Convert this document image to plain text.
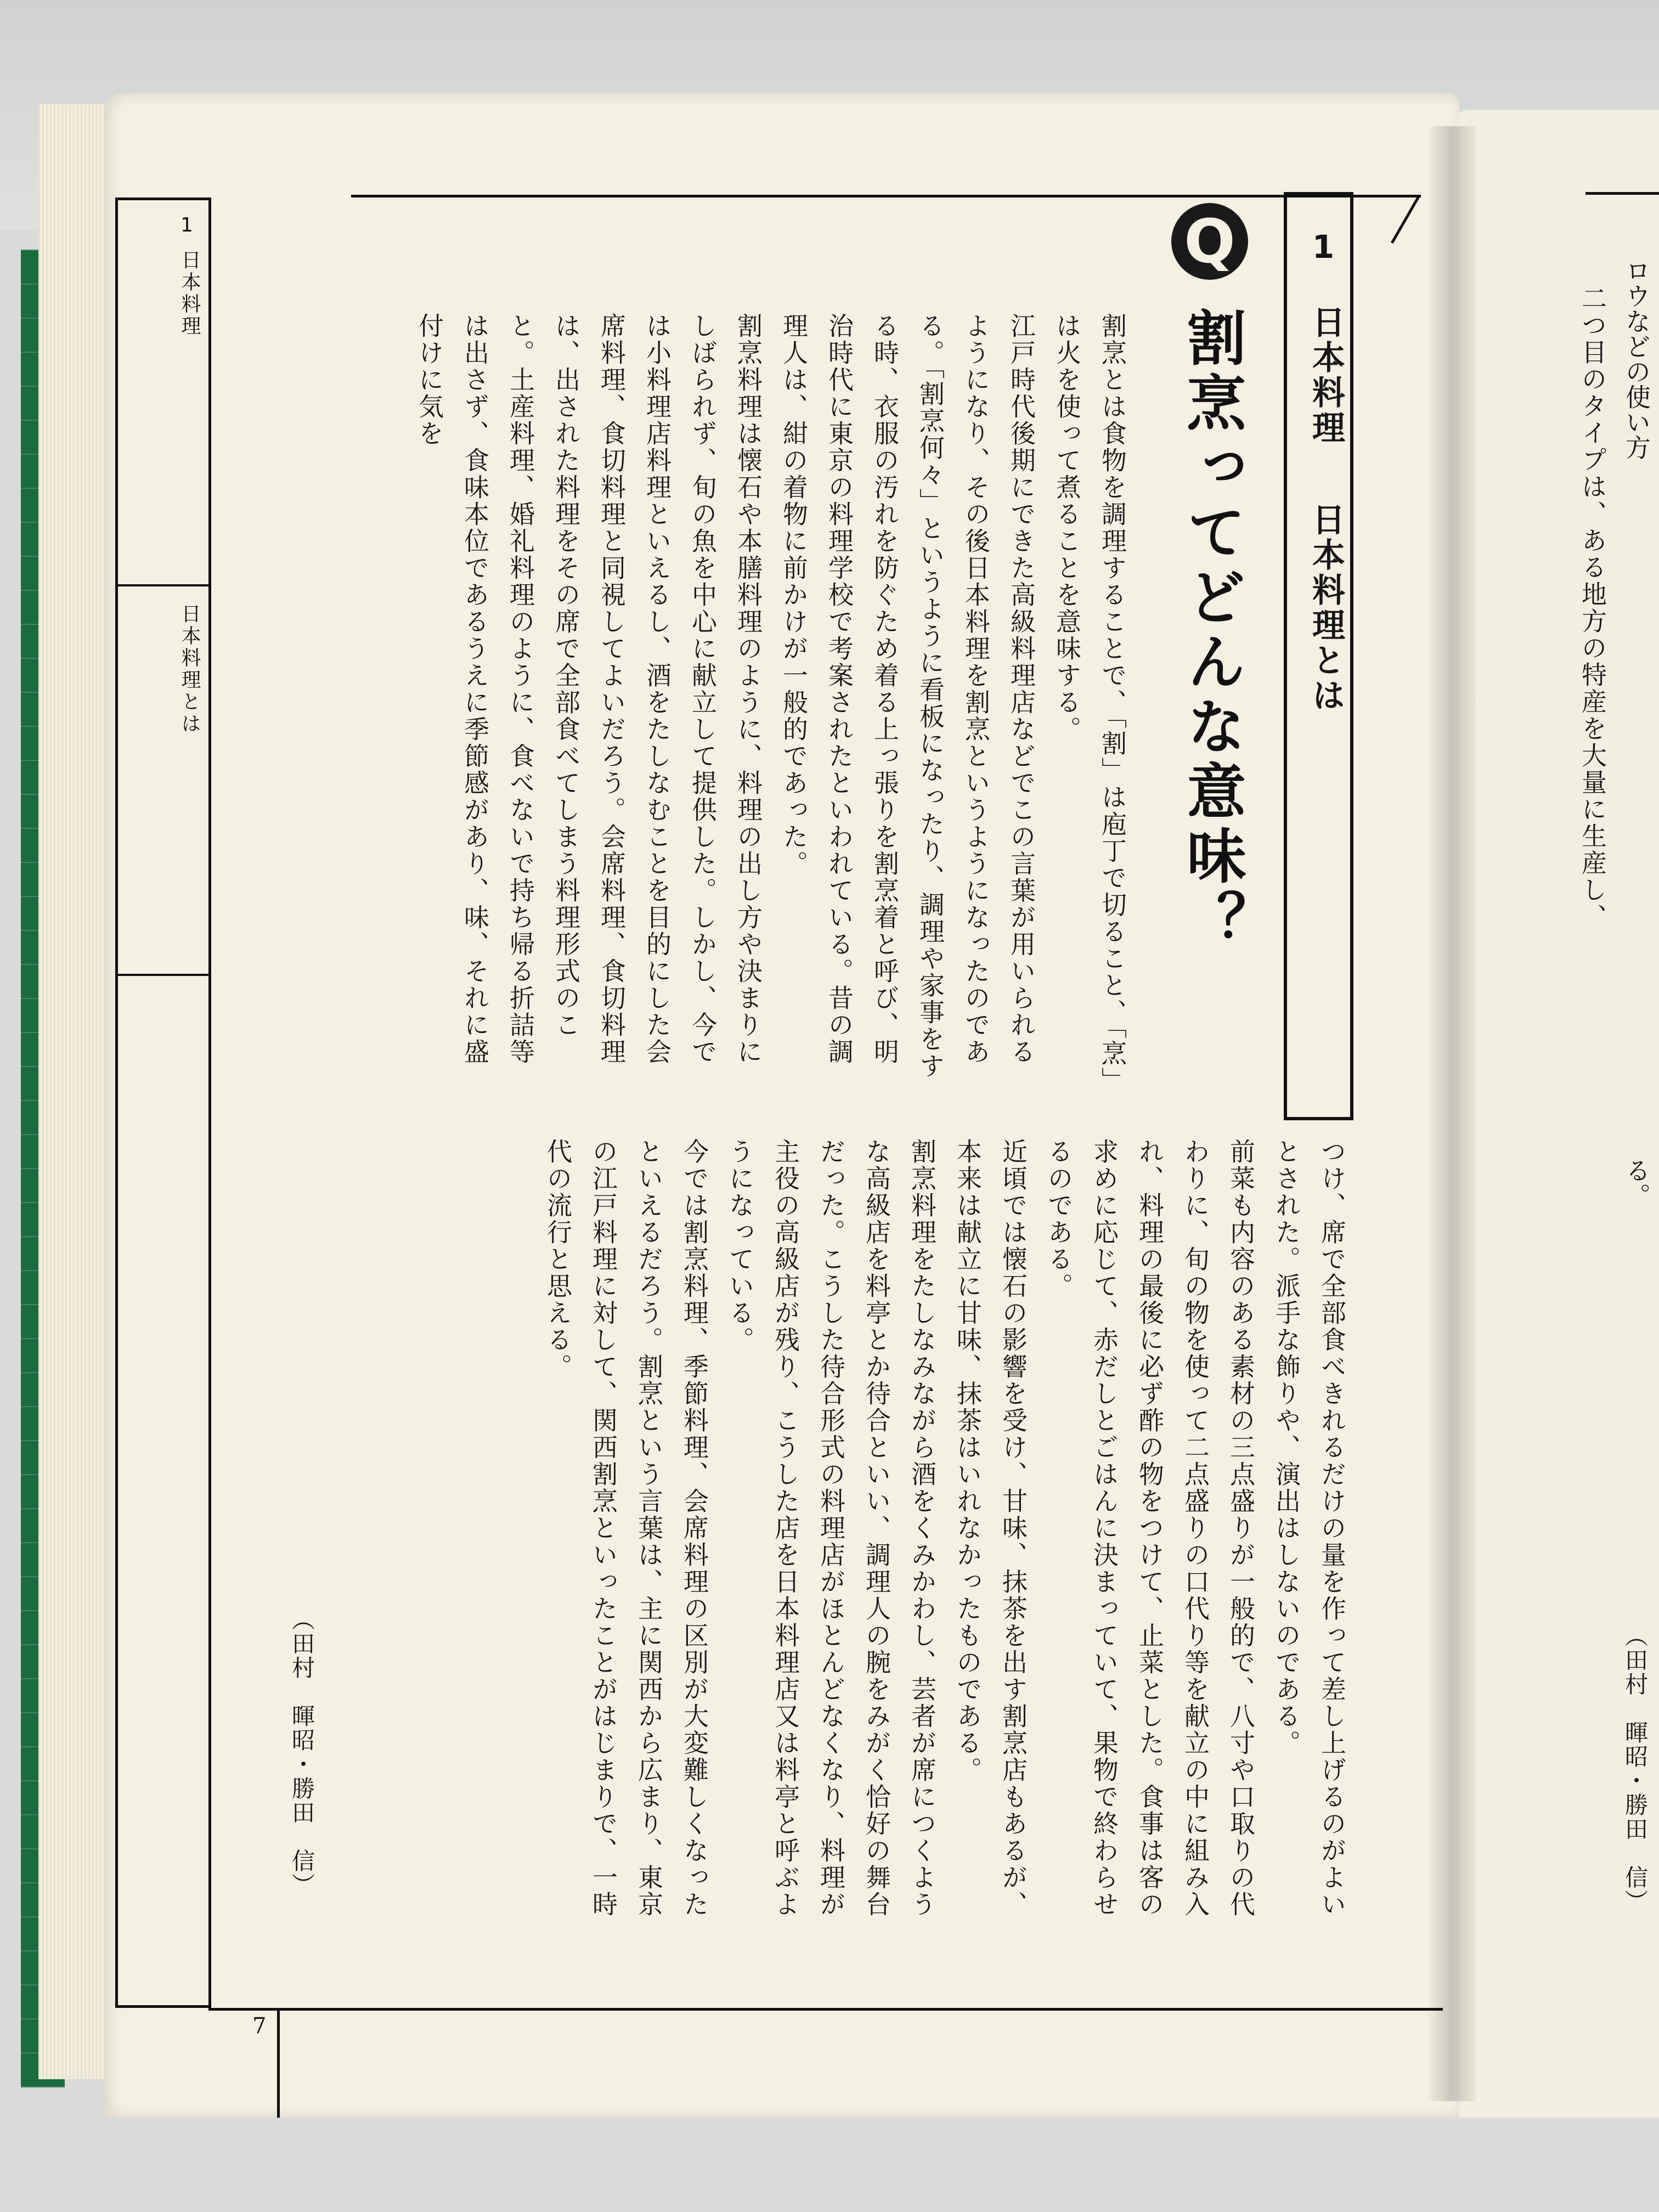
1
日本料理
日本料理とは
Q	1
日本料理
日本料理とは
割烹ってどんな意味？
割烹とは食物を調理することで、「割」は庖丁で切ること、「烹」は火を使って煮ることを意味する。
江戸時代後期にできた高級料理店などでこの言葉が用いられるようになり、その後日本料理を割烹というようになったのである。「割烹何々」というように看板になったり、調理や家事をする時、衣服の汚れを防ぐため着る上っ張りを割烹着と呼び、明治時代に東京の料理学校で考案されたといわれている。昔の調理人は、紺の着物に前かけが一般的であった。
割烹料理は懐石や本膳料理のように、料理の出し方や決まりにしばられず、旬の魚を中心に献立して提供した。しかし、今では小料理店料理といえるし、酒をたしなむことを目的にした会席料理、食切料理と同視してよいだろう。会席料理、食切料理は、出された料理をその席で全部食べてしまう料理形式のこと。土産料理、婚礼料理のように、食べないで持ち帰る折詰等は出さず、食味本位であるうえに季節感があり、味、それに盛付けに気を
つけ、席で全部食べきれるだけの量を作って差し上げるのがよいとされた。派手な飾りや、演出はしないのである。
前菜も内容のある素材の三点盛りが一般的で、八寸や口取りの代わりに、旬の物を使って二点盛りの口代り等を献立の中に組み入れ、料理の最後に必ず酢の物をつけて、止菜とした。食事は客の求めに応じて、赤だしとごはんに決まっていて、果物で終わらせるのである。
近頃では懐石の影響を受け、甘味、抹茶を出す割烹店もあるが、本来は献立に甘味、抹茶はいれなかったものである。
割烹料理をたしなみながら酒をくみかわし、芸者が席につくような高級店を料亭とか待合といい、調理人の腕をみがく恰好の舞台だった。こうした待合形式の料理店がほとんどなくなり、料理が主役の高級店が残り、こうした店を日本料理店又は料亭と呼ぶようになっている。
今では割烹料理、季節料理、会席料理の区別が大変難しくなったといえるだろう。割烹という言葉は、主に関西から広まり、東京の江戸料理に対して、関西割烹といったことがはじまりで、一時代の流行と思える。
（田村　暉昭・勝田　信）
7
ロウなどの使い方
二つ目のタイプは、ある地方の特産を大量に生産し、
る。
（田村　暉昭・勝田　信）
